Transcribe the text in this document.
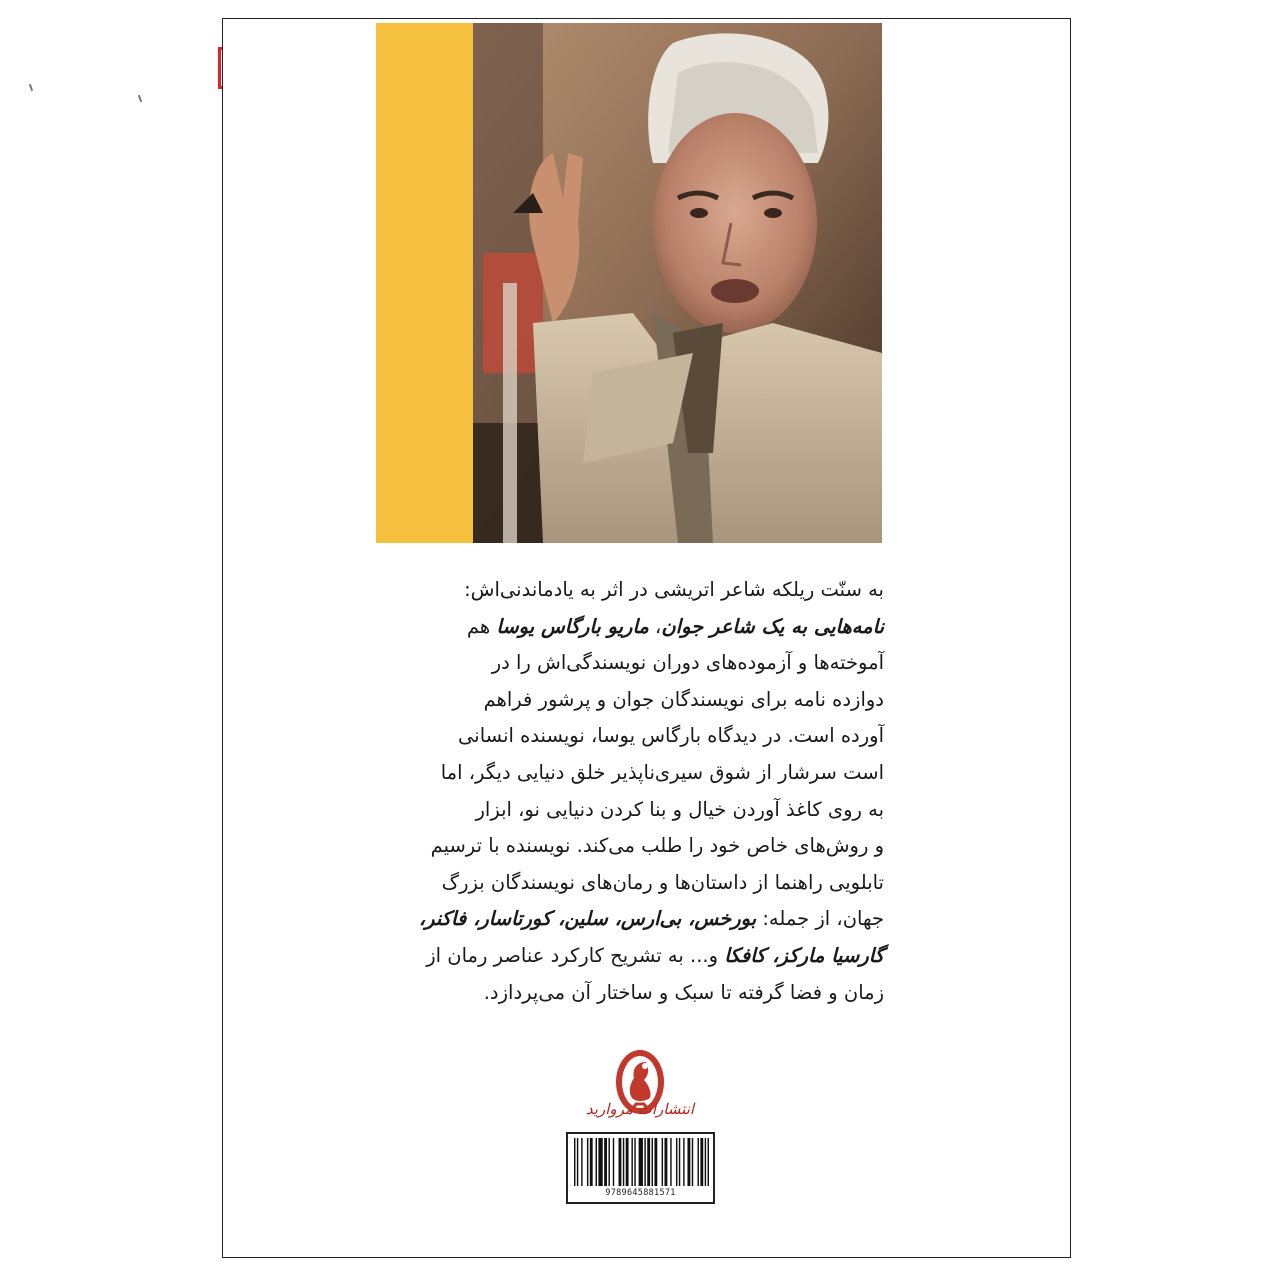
به سنّت ریلکه شاعر اتریشی در اثر به یادماندنی‌اش:

نامه‌هایی به یک شاعر جوان، ماریو بارگاس یوسا هم

آموخته‌ها و آزموده‌های دوران نویسندگی‌اش را در

دوازده نامه برای نویسندگان جوان و پرشور فراهم

آورده است. در دیدگاه بارگاس یوسا، نویسنده انسانی

است سرشار از شوق سیری‌ناپذیر خلق دنیایی دیگر، اما

به روی کاغذ آوردن خیال و بنا کردن دنیایی نو، ابزار

و روش‌های خاص خود را طلب می‌کند. نویسنده با ترسیم

تابلویی راهنما از داستان‌ها و رمان‌های نویسندگان بزرگ

جهان، از جمله: بورخس، بی‌ارس، سلین، کورتاسار، فاکنر،

گارسیا مارکز، کافکا و... به تشریح کارکرد عناصر رمان از

زمان و فضا گرفته تا سبک و ساختار آن می‌پردازد.

انتشارات مروارید
9789645881571
